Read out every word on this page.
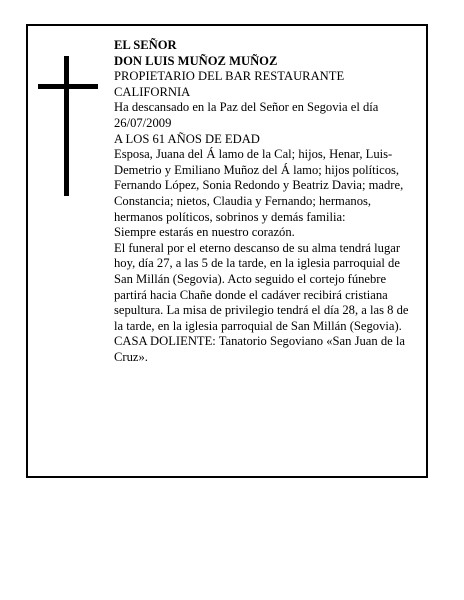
EL SEÑOR

DON LUIS MUÑOZ MUÑOZ

PROPIETARIO DEL BAR RESTAURANTE CALIFORNIA

Ha descansado en la Paz del Señor en Segovia el día 26/07/2009

A LOS 61 AÑOS DE EDAD

Esposa, Juana del Á lamo de la Cal; hijos, Henar, Luis-Demetrio y Emiliano Muñoz del Á lamo; hijos políticos, Fernando López, Sonia Redondo y Beatriz Davia; madre, Constancia; nietos, Claudia y Fernando; hermanos, hermanos políticos, sobrinos y demás familia:

Siempre estarás en nuestro corazón.

El funeral por el eterno descanso de su alma tendrá lugar hoy, día 27, a las 5 de la tarde, en la iglesia parroquial de San Millán (Segovia). Acto seguido el cortejo fúnebre partirá hacia Chañe donde el cadáver recibirá cristiana sepultura. La misa de privilegio tendrá el día 28, a las 8 de la tarde, en la iglesia parroquial de San Millán (Segovia).

CASA DOLIENTE: Tanatorio Segoviano «San Juan de la Cruz».
